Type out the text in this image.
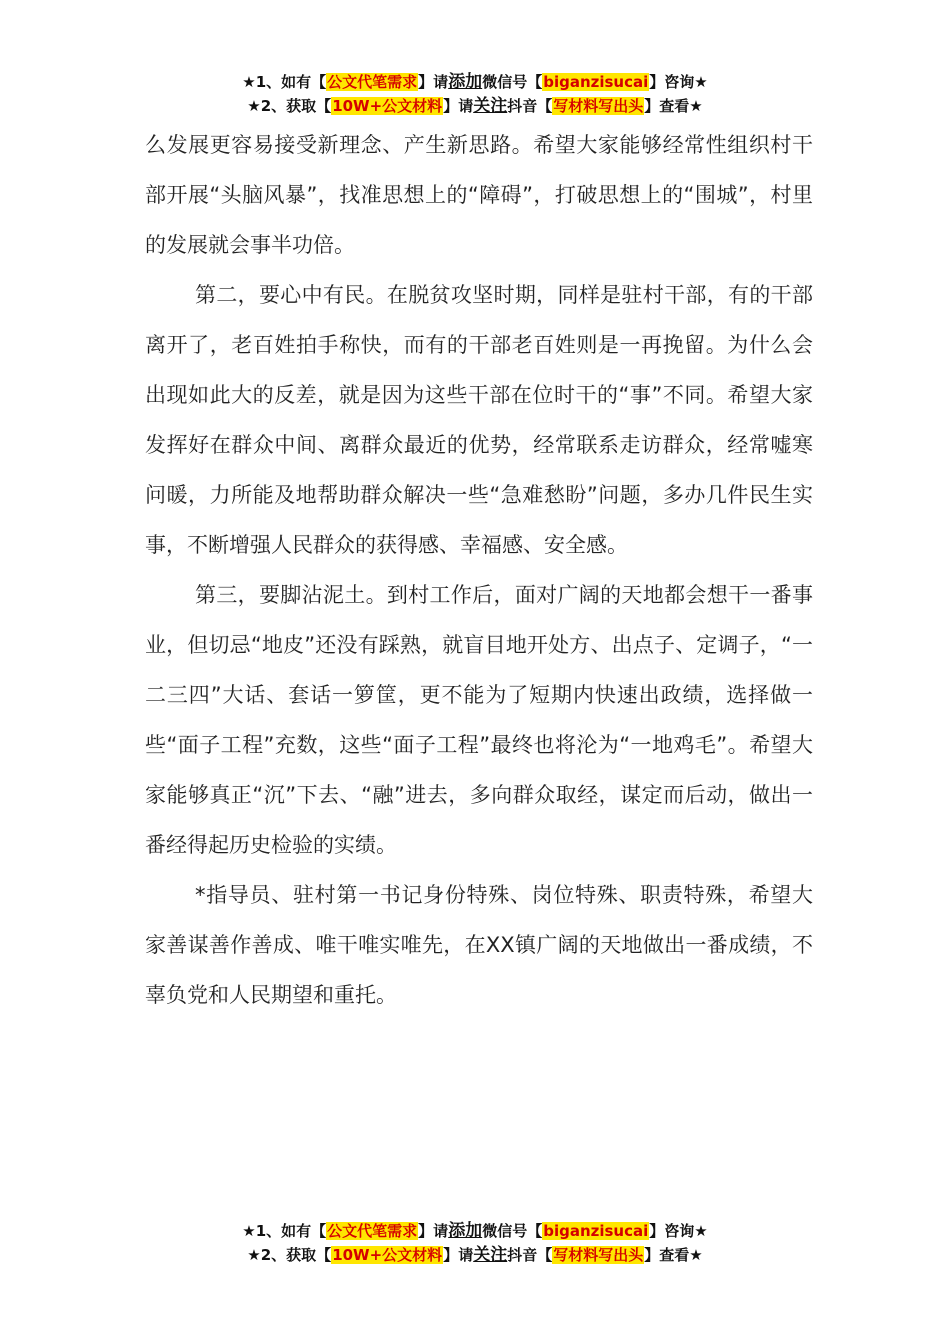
★1、如有【公文代笔需求】请添加微信号【biganzisucai】咨询★
★2、获取【10W+公文材料】请关注抖音【写材料写出头】查看★

么发展更容易接受新理念、产生新思路。希望大家能够经常性组织村干部开展“头脑风暴”，找准思想上的“障碍”，打破思想上的“围城”，村里的发展就会事半功倍。

第二，要心中有民。在脱贫攻坚时期，同样是驻村干部，有的干部离开了，老百姓拍手称快，而有的干部老百姓则是一再挽留。为什么会出现如此大的反差，就是因为这些干部在位时干的“事”不同。希望大家发挥好在群众中间、离群众最近的优势，经常联系走访群众，经常嘘寒问暖，力所能及地帮助群众解决一些“急难愁盼”问题，多办几件民生实事，不断增强人民群众的获得感、幸福感、安全感。

第三，要脚沾泥土。到村工作后，面对广阔的天地都会想干一番事业，但切忌“地皮”还没有踩熟，就盲目地开处方、出点子、定调子，“一二三四”大话、套话一箩筐，更不能为了短期内快速出政绩，选择做一些“面子工程”充数，这些“面子工程”最终也将沦为“一地鸡毛”。希望大家能够真正“沉”下去、“融”进去，多向群众取经，谋定而后动，做出一番经得起历史检验的实绩。

*指导员、驻村第一书记身份特殊、岗位特殊、职责特殊，希望大家善谋善作善成、唯干唯实唯先，在XX镇广阔的天地做出一番成绩，不辜负党和人民期望和重托。

★1、如有【公文代笔需求】请添加微信号【biganzisucai】咨询★
★2、获取【10W+公文材料】请关注抖音【写材料写出头】查看★
